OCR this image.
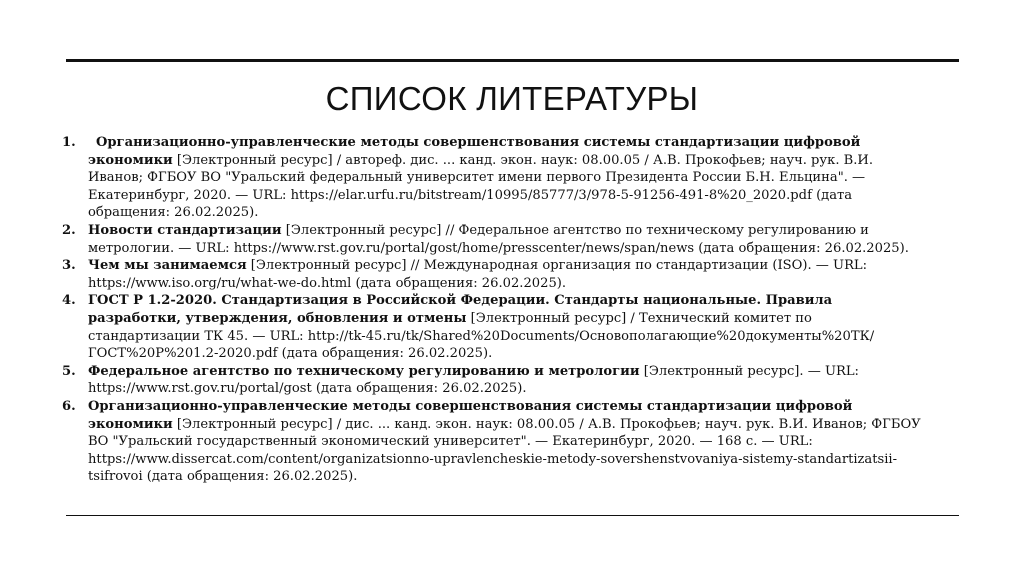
СПИСОК ЛИТЕРАТУРЫ
1. Организационно-управленческие методы совершенствования системы стандартизации цифровой экономики [Электронный ресурс] / автореф. дис. ... канд. экон. наук: 08.00.05 / А.В. Прокофьев; науч. рук. В.И. Иванов; ФГБОУ ВО "Уральский федеральный университет имени первого Президента России Б.Н. Ельцина". — Екатеринбург, 2020. — URL: https://elar.urfu.ru/bitstream/10995/85777/3/978-5-91256-491-8%20_2020.pdf (дата обращения: 26.02.2025).
2. Новости стандартизации [Электронный ресурс] // Федеральное агентство по техническому регулированию и метрологии. — URL: https://www.rst.gov.ru/portal/gost/home/presscenter/news/span/news (дата обращения: 26.02.2025).
3. Чем мы занимаемся [Электронный ресурс] // Международная организация по стандартизации (ISO). — URL: https://www.iso.org/ru/what-we-do.html (дата обращения: 26.02.2025).
4. ГОСТ Р 1.2-2020. Стандартизация в Российской Федерации. Стандарты национальные. Правила разработки, утверждения, обновления и отмены [Электронный ресурс] / Технический комитет по стандартизации ТК 45. — URL: http://tk-45.ru/tk/Shared%20Documents/Основополагающие%20документы%20ТК/ГОСТ%20Р%201.2-2020.pdf (дата обращения: 26.02.2025).
5. Федеральное агентство по техническому регулированию и метрологии [Электронный ресурс]. — URL: https://www.rst.gov.ru/portal/gost (дата обращения: 26.02.2025).
6. Организационно-управленческие методы совершенствования системы стандартизации цифровой экономики [Электронный ресурс] / дис. ... канд. экон. наук: 08.00.05 / А.В. Прокофьев; науч. рук. В.И. Иванов; ФГБОУ ВО "Уральский государственный экономический университет". — Екатеринбург, 2020. — 168 с. — URL: https://www.dissercat.com/content/organizatsionno-upravlencheskie-metody-sovershenstvovaniya-sistemy-standartizatsii-tsifrovoi (дата обращения: 26.02.2025).
